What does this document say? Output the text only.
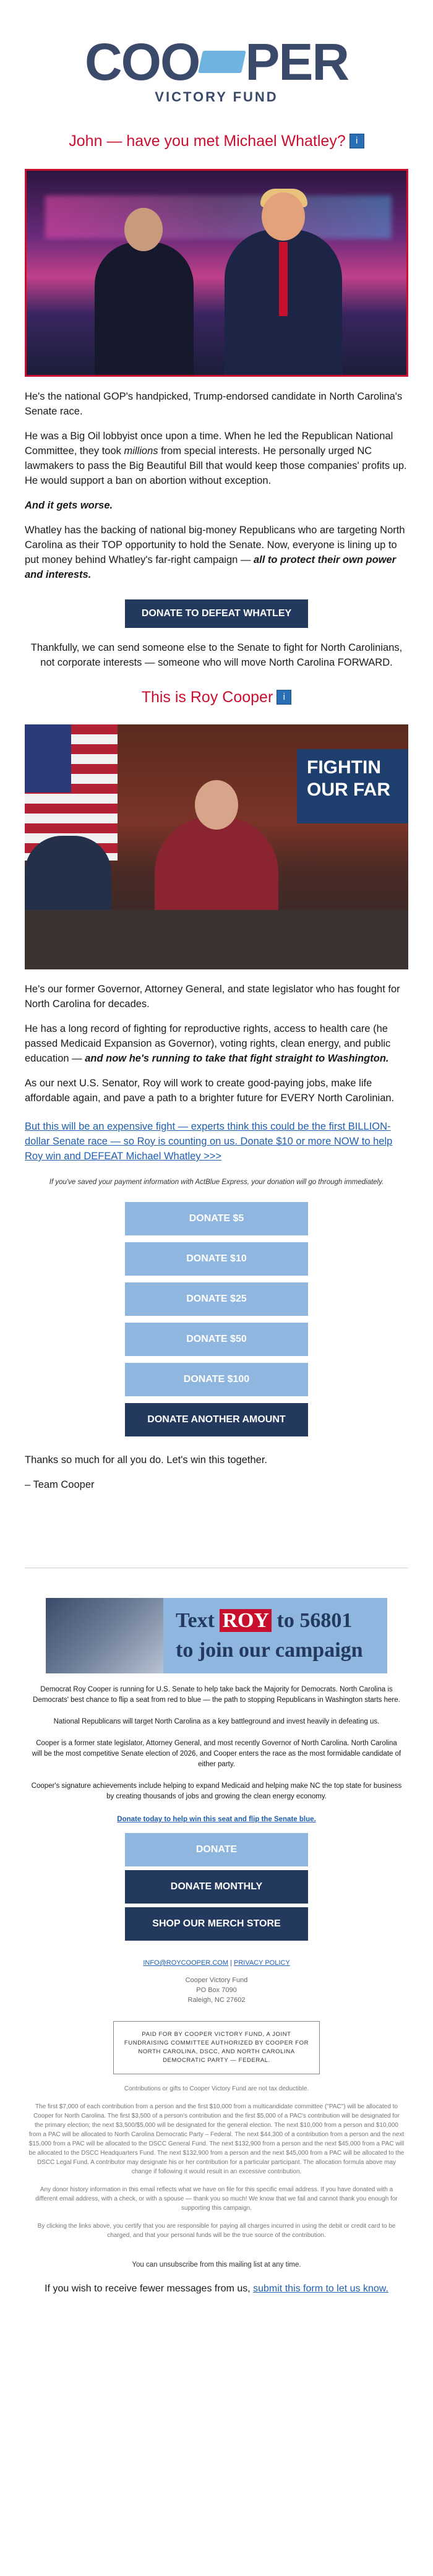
COO PER
VICTORY FUND
John — have you met Michael Whatley? i

He's the national GOP's handpicked, Trump-endorsed candidate in North Carolina's Senate race.

He was a Big Oil lobbyist once upon a time. When he led the Republican National Committee, they took millions from special interests. He personally urged NC lawmakers to pass the Big Beautiful Bill that would keep those companies' profits up. He would support a ban on abortion without exception.

And it gets worse.

Whatley has the backing of national big-money Republicans who are targeting North Carolina as their TOP opportunity to hold the Senate. Now, everyone is lining up to put money behind Whatley's far-right campaign — all to protect their own power and interests.

DONATE TO DEFEAT WHATLEY

Thankfully, we can send someone else to the Senate to fight for North Carolinians, not corporate interests — someone who will move North Carolina FORWARD.

This is Roy Cooper i
FIGHTIN OUR FAR

He's our former Governor, Attorney General, and state legislator who has fought for North Carolina for decades.

He has a long record of fighting for reproductive rights, access to health care (he passed Medicaid Expansion as Governor), voting rights, clean energy, and public education — and now he's running to take that fight straight to Washington.

As our next U.S. Senator, Roy will work to create good-paying jobs, make life affordable again, and pave a path to a brighter future for EVERY North Carolinian.

But this will be an expensive fight — experts think this could be the first BILLION-dollar Senate race — so Roy is counting on us. Donate $10 or more NOW to help Roy win and DEFEAT Michael Whatley >>>

If you've saved your payment information with ActBlue Express, your donation will go through immediately.

DONATE $5
DONATE $10
DONATE $25
DONATE $50
DONATE $100
DONATE ANOTHER AMOUNT

Thanks so much for all you do. Let's win this together.

– Team Cooper

Text ROY to 56801
to join our campaign

Democrat Roy Cooper is running for U.S. Senate to help take back the Majority for Democrats. North Carolina is Democrats' best chance to flip a seat from red to blue — the path to stopping Republicans in Washington starts here.

National Republicans will target North Carolina as a key battleground and invest heavily in defeating us.

Cooper is a former state legislator, Attorney General, and most recently Governor of North Carolina. North Carolina will be the most competitive Senate election of 2026, and Cooper enters the race as the most formidable candidate of either party.

Cooper's signature achievements include helping to expand Medicaid and helping make NC the top state for business by creating thousands of jobs and growing the clean energy economy.

Donate today to help win this seat and flip the Senate blue.
DONATE
DONATE MONTHLY
SHOP OUR MERCH STORE
INFO@ROYCOOPER.COM | PRIVACY POLICY
Cooper Victory Fund
PO Box 7090
Raleigh, NC 27602
PAID FOR BY COOPER VICTORY FUND, A JOINT FUNDRAISING COMMITTEE AUTHORIZED BY COOPER FOR NORTH CAROLINA, DSCC, AND NORTH CAROLINA DEMOCRATIC PARTY — FEDERAL.

Contributions or gifts to Cooper Victory Fund are not tax deductible.

The first $7,000 of each contribution from a person and the first $10,000 from a multicandidate committee ("PAC") will be allocated to Cooper for North Carolina. The first $3,500 of a person's contribution and the first $5,000 of a PAC's contribution will be designated for the primary election; the next $3,500/$5,000 will be designated for the general election. The next $10,000 from a person and $10,000 from a PAC will be allocated to North Carolina Democratic Party – Federal. The next $44,300 of a contribution from a person and the next $15,000 from a PAC will be allocated to the DSCC General Fund. The next $132,900 from a person and the next $45,000 from a PAC will be allocated to the DSCC Headquarters Fund. The next $132,900 from a person and the next $45,000 from a PAC will be allocated to the DSCC Legal Fund. A contributor may designate his or her contribution for a particular participant. The allocation formula above may change if following it would result in an excessive contribution.

Any donor history information in this email reflects what we have on file for this specific email address. If you have donated with a different email address, with a check, or with a spouse — thank you so much! We know that we fail and cannot thank you enough for supporting this campaign.

By clicking the links above, you certify that you are responsible for paying all charges incurred in using the debit or credit card to be charged, and that your personal funds will be the true source of the contribution.

You can unsubscribe from this mailing list at any time.

If you wish to receive fewer messages from us, submit this form to let us know.
